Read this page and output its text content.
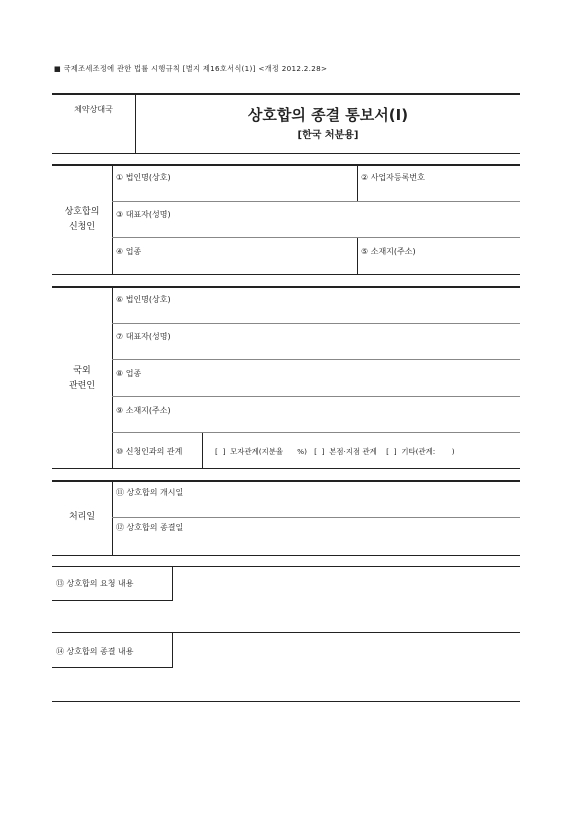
■ 국제조세조정에 관한 법률 시행규칙 [별지 제16호서식(1)] <개정 2012.2.28>
체약상대국	상호합의 종결 통보서(I)
[한국 처분용]
상호합의
신청인
① 법인명(상호)	② 사업자등록번호
③ 대표자(성명)
④ 업종	⑤ 소재지(주소)
국외
관련인
⑥ 법인명(상호)
⑦ 대표자(성명)
⑧ 업종
⑨ 소재지(주소)
⑩ 신청인과의 관계	[  ]  모자관계(지분율      %)   [  ]  본점·지점 관계    [  ]  기타(관계:       )
처리일
⑪ 상호합의 개시일
⑫ 상호합의 종결일
⑬ 상호합의 요청 내용
⑭ 상호합의 종결 내용
